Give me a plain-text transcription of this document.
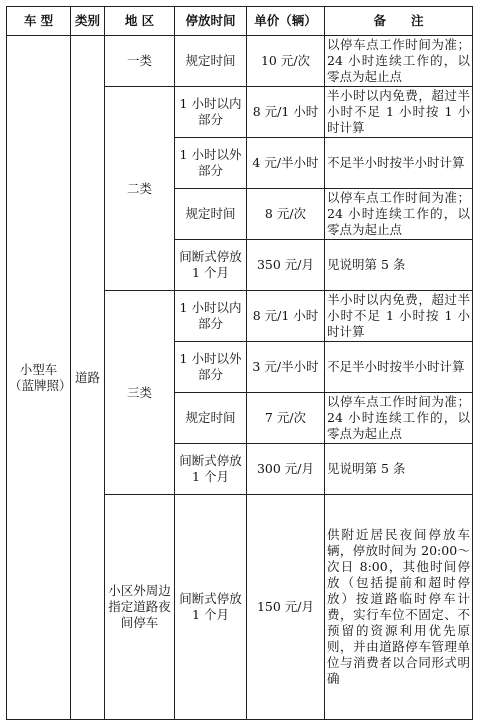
车 型	类别	地 区	停放时间	单价（辆）	备　　注
小型车（蓝牌照）	道路	一类	规定时间	10 元/次	以停车点工作时间为准；24 小时连续工作的，以零点为起止点
		二类	1 小时以内部分	8 元/1 小时	半小时以内免费，超过半小时不足 1 小时按 1 小时计算
			1 小时以外部分	4 元/半小时	不足半小时按半小时计算
			规定时间	8 元/次	以停车点工作时间为准；24 小时连续工作的，以零点为起止点
			间断式停放 1 个月	350 元/月	见说明第 5 条
		三类	1 小时以内部分	8 元/1 小时	半小时以内免费，超过半小时不足 1 小时按 1 小时计算
			1 小时以外部分	3 元/半小时	不足半小时按半小时计算
			规定时间	7 元/次	以停车点工作时间为准；24 小时连续工作的，以零点为起止点
			间断式停放 1 个月	300 元/月	见说明第 5 条
		小区外周边指定道路夜间停车	间断式停放 1 个月	150 元/月	供附近居民夜间停放车辆，停放时间为 20:00～次日 8:00，其他时间停放（包括提前和超时停放）按道路临时停车计费，实行车位不固定、不预留的资源利用优先原则，并由道路停车管理单位与消费者以合同形式明确
